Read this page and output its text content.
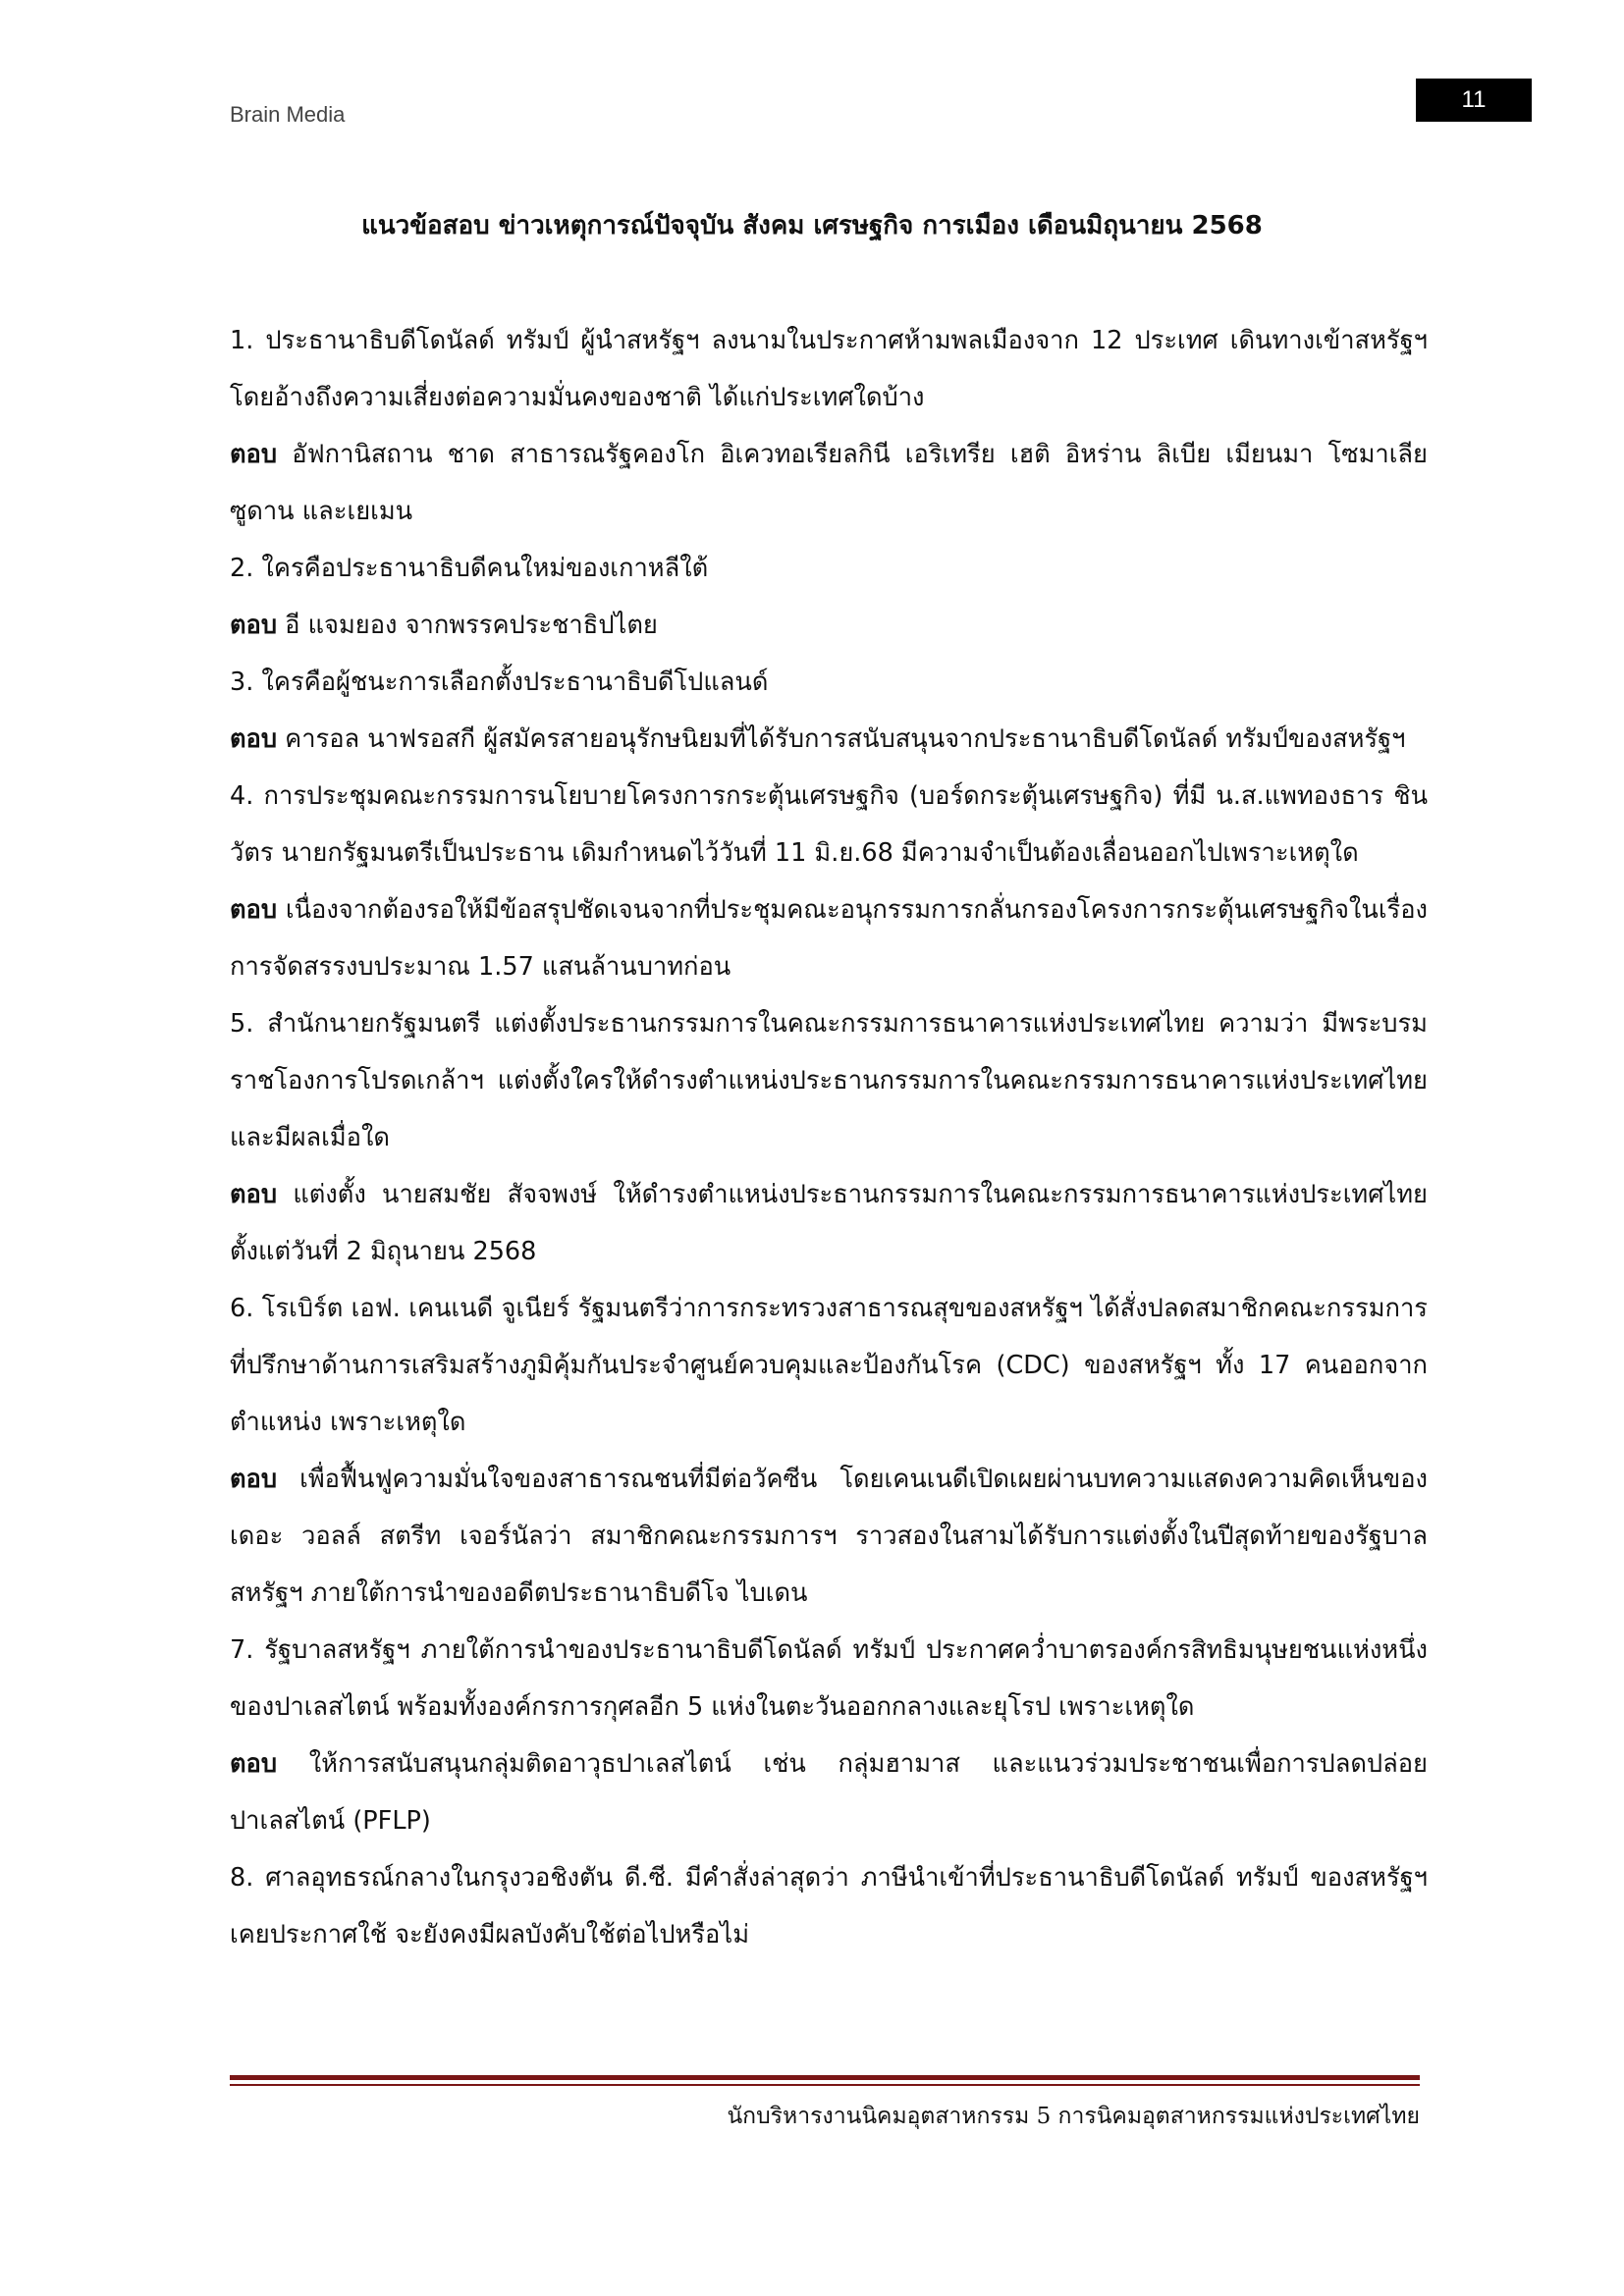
Brain Media
11
แนวข้อสอบ ข่าวเหตุการณ์ปัจจุบัน สังคม เศรษฐกิจ การเมือง เดือนมิถุนายน 2568

1. ประธานาธิบดีโดนัลด์ ทรัมป์ ผู้นำสหรัฐฯ ลงนามในประกาศห้ามพลเมืองจาก 12 ประเทศ เดินทางเข้าสหรัฐฯ โดยอ้างถึงความเสี่ยงต่อความมั่นคงของชาติ ได้แก่ประเทศใดบ้าง

ตอบ อัฟกานิสถาน ชาด สาธารณรัฐคองโก อิเควทอเรียลกินี เอริเทรีย เฮติ อิหร่าน ลิเบีย เมียนมา โซมาเลีย ซูดาน และเยเมน

2. ใครคือประธานาธิบดีคนใหม่ของเกาหลีใต้

ตอบ อี แจมยอง จากพรรคประชาธิปไตย

3. ใครคือผู้ชนะการเลือกตั้งประธานาธิบดีโปแลนด์

ตอบ คารอล นาฟรอสกี ผู้สมัครสายอนุรักษนิยมที่ได้รับการสนับสนุนจากประธานาธิบดีโดนัลด์ ทรัมป์ของสหรัฐฯ

4. การประชุมคณะกรรมการนโยบายโครงการกระตุ้นเศรษฐกิจ (บอร์ดกระตุ้นเศรษฐกิจ) ที่มี น.ส.แพทองธาร ชินวัตร นายกรัฐมนตรีเป็นประธาน เดิมกำหนดไว้วันที่ 11 มิ.ย.68 มีความจำเป็นต้องเลื่อนออกไปเพราะเหตุใด

ตอบ เนื่องจากต้องรอให้มีข้อสรุปชัดเจนจากที่ประชุมคณะอนุกรรมการกลั่นกรองโครงการกระตุ้นเศรษฐกิจในเรื่องการจัดสรรงบประมาณ 1.57 แสนล้านบาทก่อน

5. สำนักนายกรัฐมนตรี แต่งตั้งประธานกรรมการในคณะกรรมการธนาคารแห่งประเทศไทย ความว่า มีพระบรมราชโองการโปรดเกล้าฯ แต่งตั้งใครให้ดำรงตำแหน่งประธานกรรมการในคณะกรรมการธนาคารแห่งประเทศไทย และมีผลเมื่อใด

ตอบ แต่งตั้ง นายสมชัย สัจจพงษ์ ให้ดำรงตำแหน่งประธานกรรมการในคณะกรรมการธนาคารแห่งประเทศไทย ตั้งแต่วันที่ 2 มิถุนายน 2568

6. โรเบิร์ต เอฟ. เคนเนดี จูเนียร์ รัฐมนตรีว่าการกระทรวงสาธารณสุขของสหรัฐฯ ได้สั่งปลดสมาชิกคณะกรรมการที่ปรึกษาด้านการเสริมสร้างภูมิคุ้มกันประจำศูนย์ควบคุมและป้องกันโรค (CDC) ของสหรัฐฯ ทั้ง 17 คนออกจากตำแหน่ง เพราะเหตุใด

ตอบ เพื่อฟื้นฟูความมั่นใจของสาธารณชนที่มีต่อวัคซีน โดยเคนเนดีเปิดเผยผ่านบทความแสดงความคิดเห็นของเดอะ วอลล์ สตรีท เจอร์นัลว่า สมาชิกคณะกรรมการฯ ราวสองในสามได้รับการแต่งตั้งในปีสุดท้ายของรัฐบาลสหรัฐฯ ภายใต้การนำของอดีตประธานาธิบดีโจ ไบเดน

7. รัฐบาลสหรัฐฯ ภายใต้การนำของประธานาธิบดีโดนัลด์ ทรัมป์ ประกาศคว่ำบาตรองค์กรสิทธิมนุษยชนแห่งหนึ่งของปาเลสไตน์ พร้อมทั้งองค์กรการกุศลอีก 5 แห่งในตะวันออกกลางและยุโรป เพราะเหตุใด

ตอบ ให้การสนับสนุนกลุ่มติดอาวุธปาเลสไตน์ เช่น กลุ่มฮามาส และแนวร่วมประชาชนเพื่อการปลดปล่อยปาเลสไตน์ (PFLP)

8. ศาลอุทธรณ์กลางในกรุงวอชิงตัน ดี.ซี. มีคำสั่งล่าสุดว่า ภาษีนำเข้าที่ประธานาธิบดีโดนัลด์ ทรัมป์ ของสหรัฐฯ เคยประกาศใช้ จะยังคงมีผลบังคับใช้ต่อไปหรือไม่

นักบริหารงานนิคมอุตสาหกรรม 5 การนิคมอุตสาหกรรมแห่งประเทศไทย
